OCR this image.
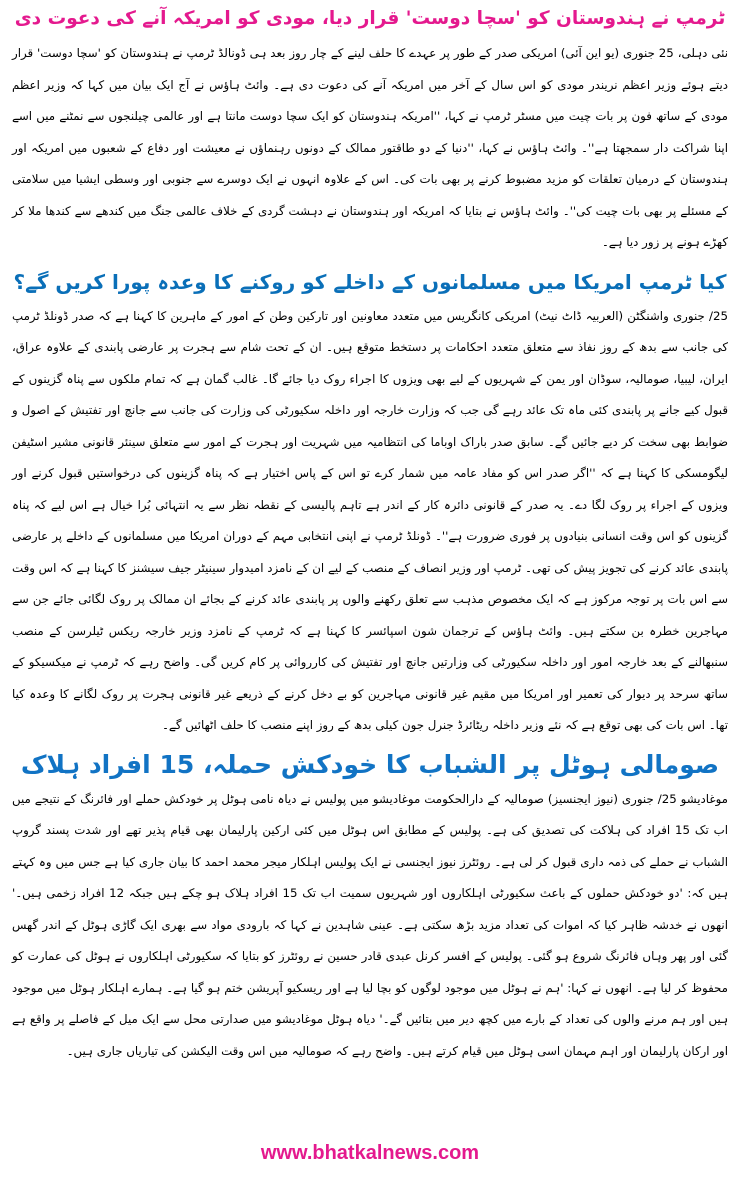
ٹرمپ نے ہندوستان کو 'سچا دوست' قرار دیا، مودی کو امریکہ آنے کی دعوت دی

نئی دہلی، 25 جنوری (یو این آئی) امریکی صدر کے طور پر عہدے کا حلف لینے کے چار روز بعد ہی ڈونالڈ ٹرمپ نے ہندوستان کو 'سچا دوست' قرار دیتے ہوئے وزیر اعظم نریندر مودی کو اس سال کے آخر میں امریکہ آنے کی دعوت دی ہے۔ وائٹ ہاؤس نے آج ایک بیان میں کہا کہ وزیر اعظم مودی کے ساتھ فون پر بات چیت میں مسٹر ٹرمپ نے کہا، ''امریکہ ہندوستان کو ایک سچا دوست مانتا ہے اور عالمی چیلنجوں سے نمٹنے میں اسے اپنا شراکت دار سمجھتا ہے''۔ وائٹ ہاؤس نے کہا، ''دنیا کے دو طاقتور ممالک کے دونوں رہنماؤں نے معیشت اور دفاع کے شعبوں میں امریکہ اور ہندوستان کے درمیان تعلقات کو مزید مضبوط کرنے پر بھی بات کی۔ اس کے علاوہ انہوں نے ایک دوسرے سے جنوبی اور وسطی ایشیا میں سلامتی کے مسئلے پر بھی بات چیت کی''۔ وائٹ ہاؤس نے بتایا کہ امریکہ اور ہندوستان نے دہشت گردی کے خلاف عالمی جنگ میں کندھے سے کندھا ملا کر کھڑے ہونے پر زور دیا ہے۔

کیا ٹرمپ امریکا میں مسلمانوں کے داخلے کو روکنے کا وعدہ پورا کریں گے؟

25/ جنوری واشنگٹن (العربیہ ڈاٹ نیٹ) امریکی کانگریس میں متعدد معاونین اور تارکین وطن کے امور کے ماہرین کا کہنا ہے کہ صدر ڈونلڈ ٹرمپ کی جانب سے بدھ کے روز نفاذ سے متعلق متعدد احکامات پر دستخط متوقع ہیں۔ ان کے تحت شام سے ہجرت پر عارضی پابندی کے علاوہ عراق، ایران، لیبیا، صومالیہ، سوڈان اور یمن کے شہریوں کے لیے بھی ویزوں کا اجراء روک دیا جائے گا۔ غالب گمان ہے کہ تمام ملکوں سے پناہ گزینوں کے قبول کیے جانے پر پابندی کئی ماہ تک عائد رہے گی جب کہ وزارت خارجہ اور داخلہ سکیورٹی کی وزارت کی جانب سے جانچ اور تفتیش کے اصول و ضوابط بھی سخت کر دیے جائیں گے۔ سابق صدر باراک اوباما کی انتظامیہ میں شہریت اور ہجرت کے امور سے متعلق سینئر قانونی مشیر اسٹیفن لیگومسکی کا کہنا ہے کہ ''اگر صدر اس کو مفاد عامہ میں شمار کرے تو اس کے پاس اختیار ہے کہ پناہ گزینوں کی درخواستیں قبول کرنے اور ویزوں کے اجراء پر روک لگا دے۔ یہ صدر کے قانونی دائرہ کار کے اندر ہے تاہم پالیسی کے نقطہ نظر سے یہ انتہائی بُرا خیال ہے اس لیے کہ پناہ گزینوں کو اس وقت انسانی بنیادوں پر فوری ضرورت ہے''۔ ڈونلڈ ٹرمپ نے اپنی انتخابی مہم کے دوران امریکا میں مسلمانوں کے داخلے پر عارضی پابندی عائد کرنے کی تجویز پیش کی تھی۔ ٹرمپ اور وزیر انصاف کے منصب کے لیے ان کے نامزد امیدوار سینیٹر جیف سیشنز کا کہنا ہے کہ اس وقت سے اس بات پر توجہ مرکوز ہے کہ ایک مخصوص مذہب سے تعلق رکھنے والوں پر پابندی عائد کرنے کے بجائے ان ممالک پر روک لگائی جائے جن سے مہاجرین خطرہ بن سکتے ہیں۔ وائٹ ہاؤس کے ترجمان شون اسپائسر کا کہنا ہے کہ ٹرمپ کے نامزد وزیر خارجہ ریکس ٹیلرسن کے منصب سنبھالنے کے بعد خارجہ امور اور داخلہ سکیورٹی کی وزارتیں جانچ اور تفتیش کی کارروائی پر کام کریں گی۔ واضح رہے کہ ٹرمپ نے میکسیکو کے ساتھ سرحد پر دیوار کی تعمیر اور امریکا میں مقیم غیر قانونی مہاجرین کو بے دخل کرنے کے ذریعے غیر قانونی ہجرت پر روک لگانے کا وعدہ کیا تھا۔ اس بات کی بھی توقع ہے کہ نئے وزیر داخلہ ریٹائرڈ جنرل جون کیلی بدھ کے روز اپنے منصب کا حلف اٹھائیں گے۔

صومالی ہوٹل پر الشباب کا خودکش حملہ، 15 افراد ہلاک

موغادیشو 25/ جنوری (نیوز ایجنسیز) صومالیہ کے دارالحکومت موغادیشو میں پولیس نے دیاہ نامی ہوٹل پر خودکش حملے اور فائرنگ کے نتیجے میں اب تک 15 افراد کی ہلاکت کی تصدیق کی ہے۔ پولیس کے مطابق اس ہوٹل میں کئی ارکین پارلیمان بھی قیام پذیر تھے اور شدت پسند گروپ الشباب نے حملے کی ذمہ داری قبول کر لی ہے۔ روئٹرز نیوز ایجنسی نے ایک پولیس اہلکار میجر محمد احمد کا بیان جاری کیا ہے جس میں وہ کہتے ہیں کہ: 'دو خودکش حملوں کے باعث سکیورٹی اہلکاروں اور شہریوں سمیت اب تک 15 افراد ہلاک ہو چکے ہیں جبکہ 12 افراد زخمی ہیں۔' انھوں نے خدشہ ظاہر کیا کہ اموات کی تعداد مزید بڑھ سکتی ہے۔ عینی شاہدین نے کہا کہ بارودی مواد سے بھری ایک گاڑی ہوٹل کے اندر گھس گئی اور پھر وہاں فائرنگ شروع ہو گئی۔ پولیس کے افسر کرنل عبدی قادر حسین نے روئٹرز کو بتایا کہ سکیورٹی اہلکاروں نے ہوٹل کی عمارت کو محفوظ کر لیا ہے۔ انھوں نے کہا: 'ہم نے ہوٹل میں موجود لوگوں کو بچا لیا ہے اور ریسکیو آپریشن ختم ہو گیا ہے۔ ہمارے اہلکار ہوٹل میں موجود ہیں اور ہم مرنے والوں کی تعداد کے بارے میں کچھ دیر میں بتائیں گے۔' دیاہ ہوٹل موغادیشو میں صدارتی محل سے ایک میل کے فاصلے پر واقع ہے اور ارکان پارلیمان اور اہم مہمان اسی ہوٹل میں قیام کرتے ہیں۔ واضح رہے کہ صومالیہ میں اس وقت الیکشن کی تیاریاں جاری ہیں۔

www.bhatkalnews.com
